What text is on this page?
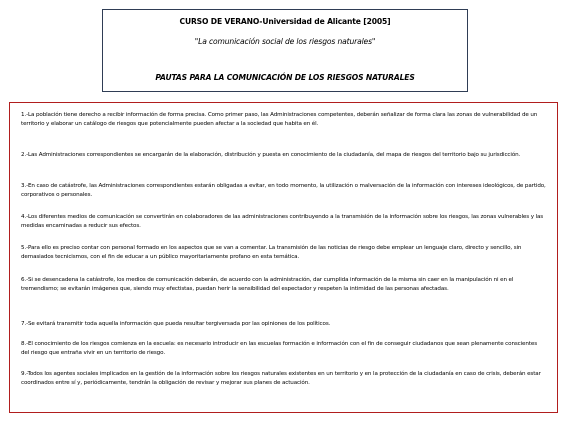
CURSO DE VERANO-Universidad de Alicante [2005]
"La comunicación social de los riesgos naturales"
PAUTAS PARA LA COMUNICACIÓN DE LOS RIESGOS NATURALES
1.-La población tiene derecho a recibir información de forma precisa. Como primer paso, las Administraciones competentes, deberán señalizar de forma clara las zonas de vulnerabilidad de un territorio y elaborar un catálogo de riesgos que potencialmente pueden afectar a la sociedad que habita en él.
2.-Las Administraciones correspondientes se encargarán de la elaboración, distribución y puesta en conocimiento de la ciudadanía, del mapa de riesgos del territorio bajo su jurisdicción.
3.-En caso de catástrofe, las Administraciones correspondientes estarán obligadas a evitar, en todo momento, la utilización o malversación de la información con intereses ideológicos, de partido, corporativos o personales.
4.-Los diferentes medios de comunicación se convertirán en colaboradores de las administraciones contribuyendo a la transmisión de la información sobre los riesgos, las zonas vulnerables y las medidas encaminadas a reducir sus efectos.
5.-Para ello es preciso contar con personal formado en los aspectos que se van a comentar. La transmisión de las noticias de riesgo debe emplear un lenguaje claro, directo y sencillo, sin demasiados tecnicismos, con el fin de educar a un público mayoritariamente profano en esta temática.
6.-Si se desencadena la catástrofe, los medios de comunicación deberán, de acuerdo con la administración, dar cumplida información de la misma sin caer en la manipulación ni en el tremendismo; se evitarán imágenes que, siendo muy efectistas, puedan herir la sensibilidad del espectador y respeten la intimidad de las personas afectadas.
7.-Se evitará transmitir toda aquella información que pueda resultar tergiversada por las opiniones de los políticos.
8.-El conocimiento de los riesgos comienza en la escuela: es necesario introducir en las escuelas formación e información con el fin de conseguir ciudadanos que sean plenamente conscientes del riesgo que entraña vivir en un territorio de riesgo.
9.-Todos los agentes sociales implicados en la gestión de la información sobre los riesgos naturales existentes en un territorio y en la protección de la ciudadanía en caso de crisis, deberán estar coordinados entre sí y, periódicamente, tendrán la obligación de revisar y mejorar sus planes de actuación.
